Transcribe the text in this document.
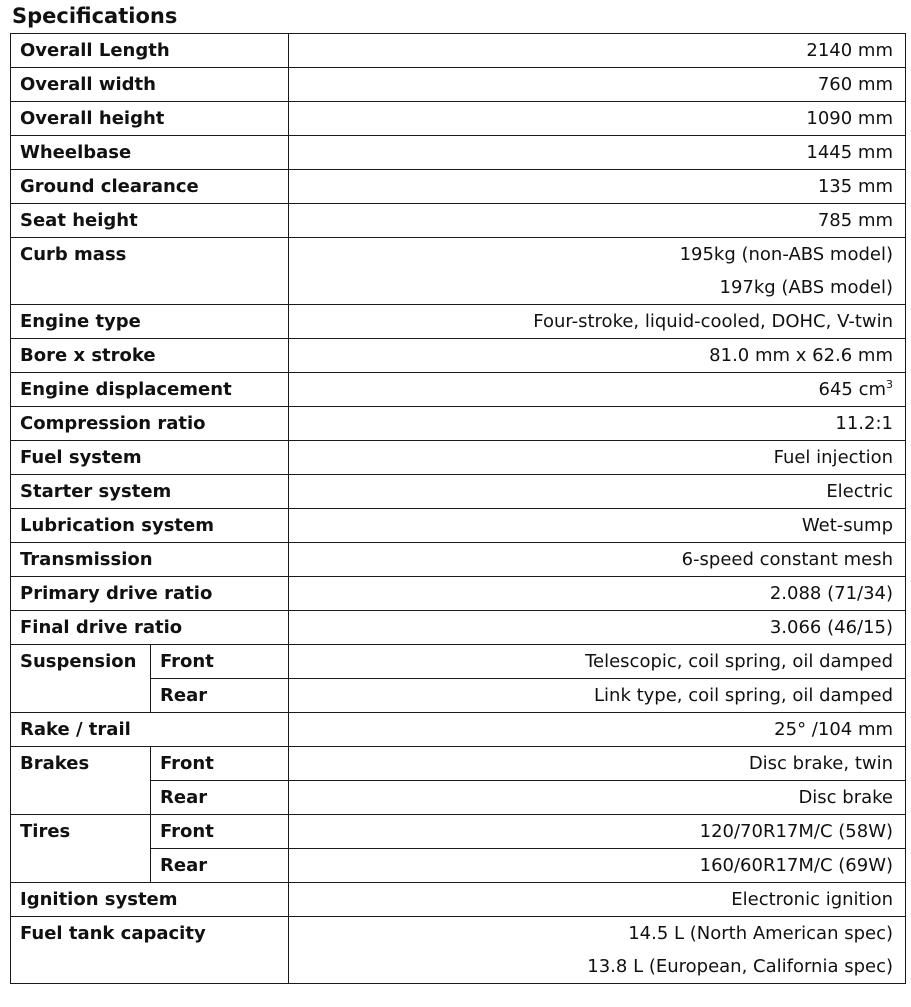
Specifications
Overall Length		2140 mm
Overall width		760 mm
Overall height		1090 mm
Wheelbase		1445 mm
Ground clearance		135 mm
Seat height		785 mm
Curb mass		195kg (non-ABS model)
197kg (ABS model)

Engine type		Four-stroke, liquid-cooled, DOHC, V-twin
Bore x stroke		81.0 mm x 62.6 mm
Engine displacement		645 $cm^3$
Compression ratio		11.2:1
Fuel system		Fuel injection
Starter system		Electric
Lubrication system		Wet-sump
Transmission		6-speed constant mesh
Primary drive ratio		2.088 (71/34)
Final drive ratio		3.066 (46/15)
Suspension	Front	Telescopic, coil spring, oil damped
	Rear	Link type, coil spring, oil damped
Rake / trail		25° /104 mm
Brakes	Front	Disc brake, twin
	Rear	Disc brake
Tires	Front	120/70R17M/C (58W)
	Rear	160/60R17M/C (69W)
Ignition system		Electronic ignition
Fuel tank capacity		14.5 L (North American spec)
13.8 L (European, California spec)
